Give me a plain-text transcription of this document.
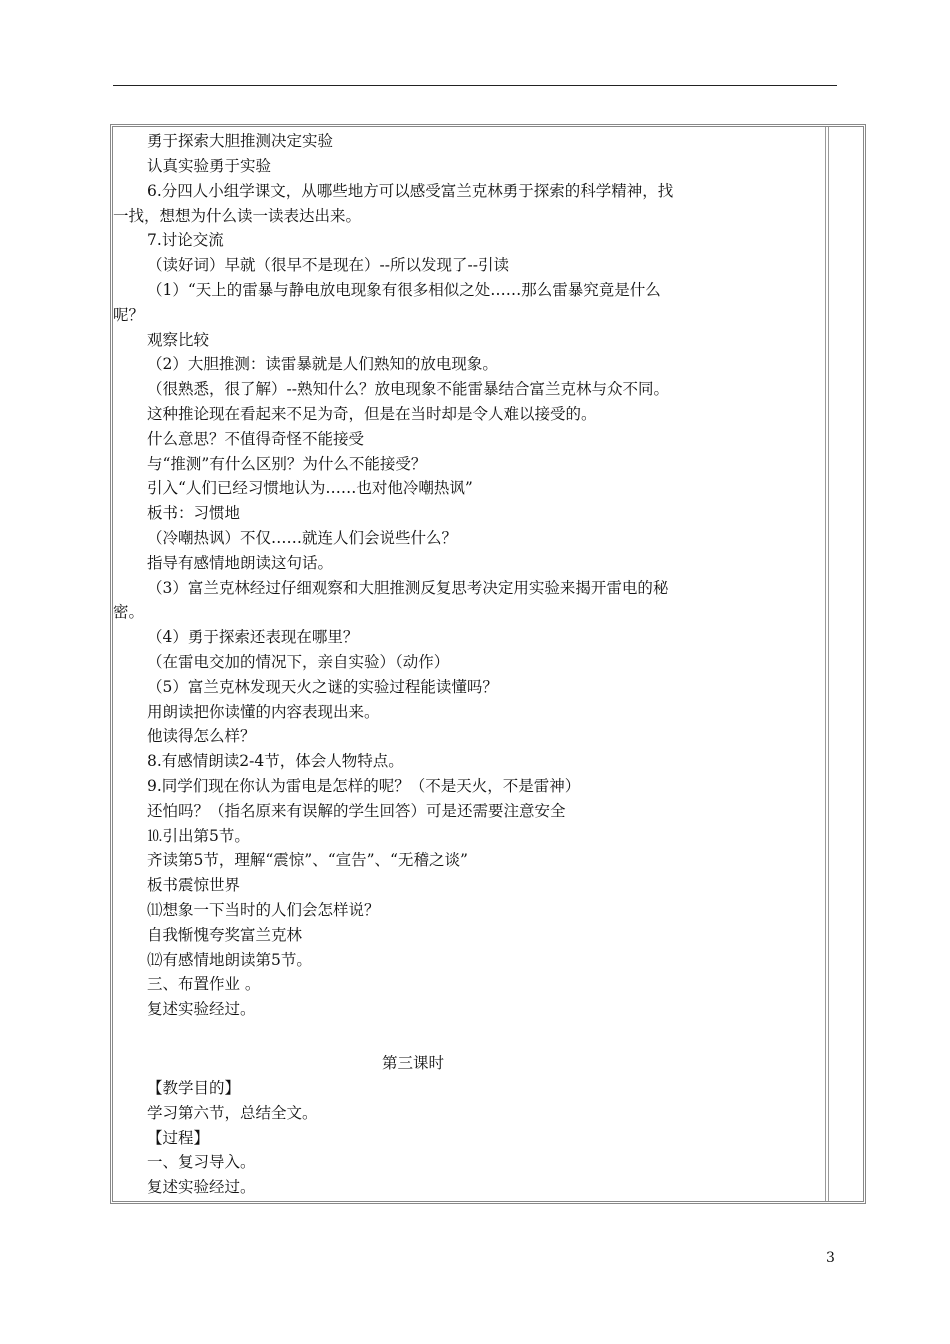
勇于探索大胆推测决定实验
认真实验勇于实验
6.分四人小组学课文，从哪些地方可以感受富兰克林勇于探索的科学精神，找
一找，想想为什么读一读表达出来。
7.讨论交流
（读好词）早就（很早不是现在）--所以发现了--引读
（1）“天上的雷暴与静电放电现象有很多相似之处……那么雷暴究竟是什么
呢？
观察比较
（2）大胆推测：读雷暴就是人们熟知的放电现象。
（很熟悉，很了解）--熟知什么？放电现象不能雷暴结合富兰克林与众不同。
这种推论现在看起来不足为奇，但是在当时却是令人难以接受的。
什么意思？不值得奇怪不能接受
与“推测”有什么区别？为什么不能接受？
引入“人们已经习惯地认为……也对他冷嘲热讽”
板书：习惯地
（冷嘲热讽）不仅……就连人们会说些什么？
指导有感情地朗读这句话。
（3）富兰克林经过仔细观察和大胆推测反复思考决定用实验来揭开雷电的秘
密。
（4）勇于探索还表现在哪里？
（在雷电交加的情况下，亲自实验）（动作）
（5）富兰克林发现天火之谜的实验过程能读懂吗？
用朗读把你读懂的内容表现出来。
他读得怎么样？
8.有感情朗读2-4节，体会人物特点。
9.同学们现在你认为雷电是怎样的呢？（不是天火，不是雷神）
还怕吗？（指名原来有误解的学生回答）可是还需要注意安全
⒑引出第5节。
齐读第5节，理解“震惊”、“宣告”、“无稽之谈”
板书震惊世界
⑾想象一下当时的人们会怎样说？
自我惭愧夸奖富兰克林
⑿有感情地朗读第5节。
三、布置作业 。
复述实验经过。
第三课时
【教学目的】
学习第六节，总结全文。
【过程】
一、复习导入。
复述实验经过。
3
